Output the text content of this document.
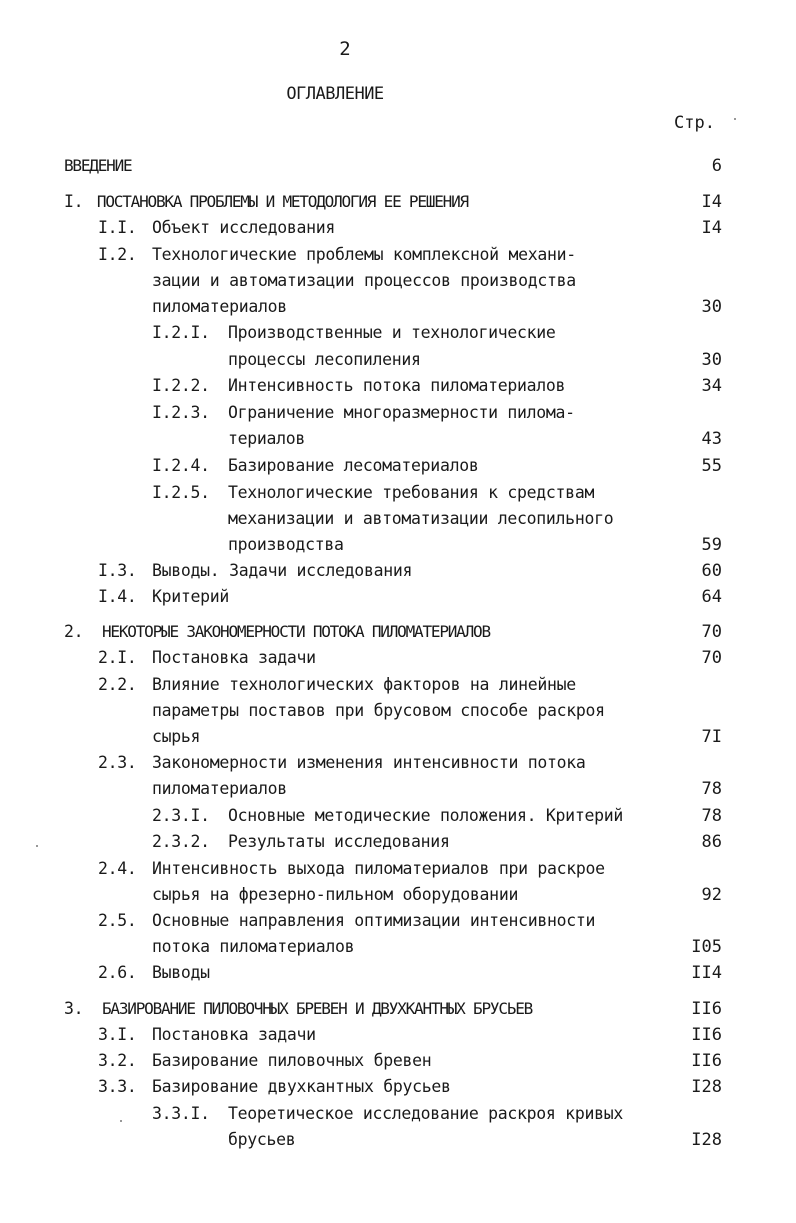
2
ОГЛАВЛЕНИЕ
Стр.
ВВЕДЕНИЕ	6
I. ПОСТАНОВКА ПРОБЛЕМЫ И МЕТОДОЛОГИЯ ЕЕ РЕШЕНИЯ	I4
I.I. Объект исследования	I4
I.2. Технологические проблемы комплексной механи-
зации и автоматизации процессов производства
пиломатериалов	30
I.2.I. Производственные и технологические
процессы лесопиления	30
I.2.2. Интенсивность потока пиломатериалов	34
I.2.3. Ограничение многоразмерности пилома-
териалов	43
I.2.4. Базирование лесоматериалов	55
I.2.5. Технологические требования к средствам
механизации и автоматизации лесопильного
производства	59
I.3. Выводы. Задачи исследования	60
I.4. Критерий	64
2. НЕКОТОРЫЕ ЗАКОНОМЕРНОСТИ ПОТОКА ПИЛОМАТЕРИАЛОВ	70
2.I. Постановка задачи	70
2.2. Влияние технологических факторов на линейные
параметры поставов при брусовом способе раскроя
сырья	7I
2.3. Закономерности изменения интенсивности потока
пиломатериалов	78
2.3.I. Основные методические положения. Критерий	78
2.3.2. Результаты исследования	86
2.4. Интенсивность выхода пиломатериалов при раскрое
сырья на фрезерно-пильном оборудовании	92
2.5. Основные направления оптимизации интенсивности
потока пиломатериалов	I05
2.6. Выводы	II4
3. БАЗИРОВАНИЕ ПИЛОВОЧНЫХ БРЕВЕН И ДВУХКАНТНЫХ БРУСЬЕВ	II6
3.I. Постановка задачи	II6
3.2. Базирование пиловочных бревен	II6
3.3. Базирование двухкантных брусьев	I28
3.3.I. Теоретическое исследование раскроя кривых
брусьев	I28
